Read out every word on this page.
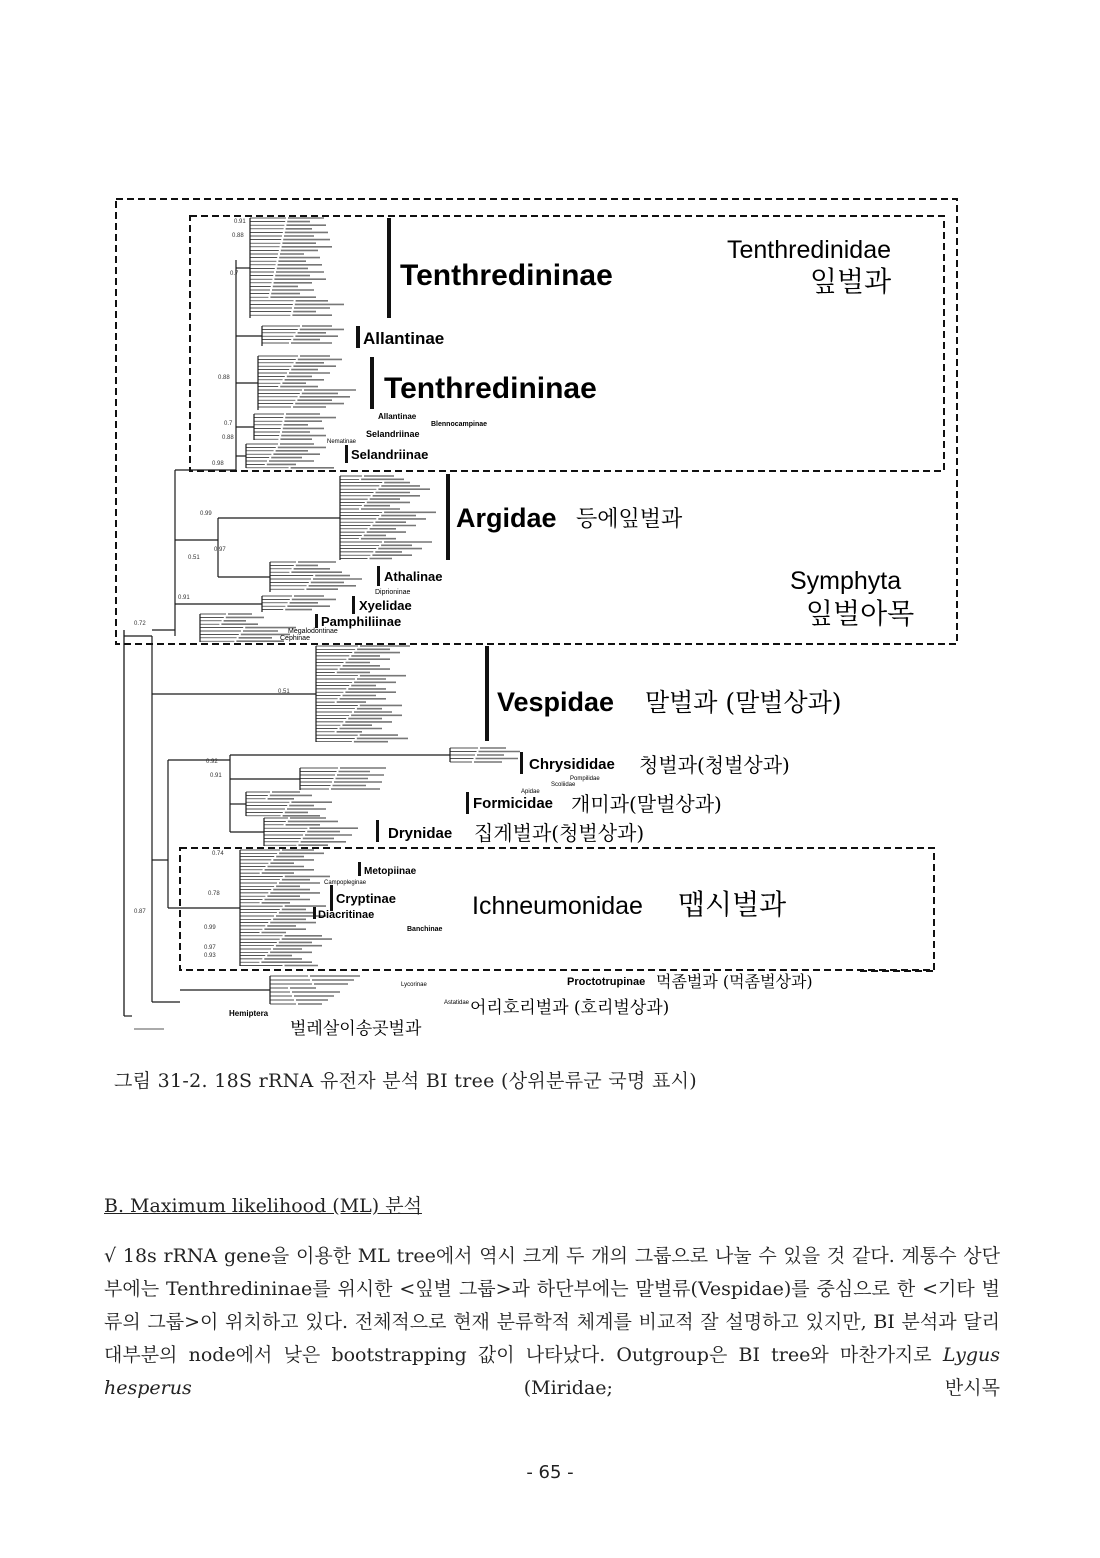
0.91
0.88
0.7
0.88
0.7
0.88
0.98
0.97
0.99
0.91
0.72
0.92
0.91
0.51
0.51
0.74
0.78
0.99
0.97
0.93
0.87
Tenthredininae
Allantinae
Tenthredininae
Allantinae
Blennocampinae
Selandriinae
Nematinae
Selandriinae
Tenthredinidae
잎벌과
Argidae 등에잎벌과
Athalinae
Diprioninae
Xyelidae
Pamphiliinae
Megalodontinae
Cephinae
Symphyta
잎벌아목
Vespidae 말벌과 (말벌상과)
Chrysididae 청벌과(청벌상과)
Pompilidae
Scoliidae
Apidae
Formicidae 개미과(말벌상과)
Drynidae 집게벌과(청벌상과)
Metopiinae
Campopleginae
Cryptinae
Diacritinae
Banchinae
Ichneumonidae 맵시벌과
Proctotrupinae 먹좀벌과 (먹좀벌상과)
Lycorinae
Astatidae 어리호리벌과 (호리벌상과)
Hemiptera
벌레살이송곳벌과
그림 31-2. 18S rRNA 유전자 분석 BI tree (상위분류군 국명 표시)
B. Maximum likelihood (ML) 분석
√ 18s rRNA gene을 이용한 ML tree에서 역시 크게 두 개의 그룹으로 나눌 수 있을 것 같다. 계통수 상단부에는 Tenthredininae를 위시한 <잎벌 그룹>과 하단부에는 말벌류(Vespidae)를 중심으로 한 <기타 벌류의 그룹>이 위치하고 있다. 전체적으로 현재 분류학적 체계를 비교적 잘 설명하고 있지만, BI 분석과 달리 대부분의 node에서 낮은 bootstrapping 값이 나타났다. Outgroup은 BI tree와 마찬가지로 Lygus hesperus (Miridae; 반시목
- 65 -
